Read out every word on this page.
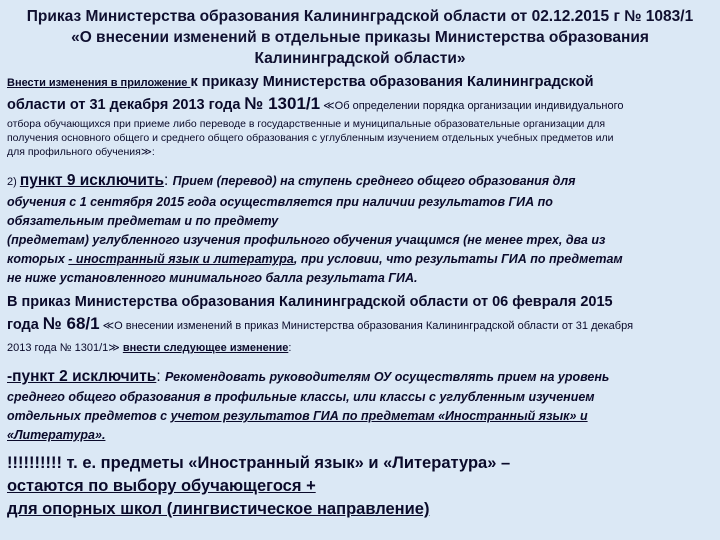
Приказ Министерства образования Калининградской области от 02.12.2015 г № 1083/1
«О внесении изменений в отдельные приказы Министерства образования
Калининградской области»
Внести изменения в приложение к приказу Министерства образования Калининградской
области от 31 декабря 2013 года № 1301/1 ≪Об определении порядка организации индивидуального
отбора обучающихся при приеме либо переводе в государственные и муниципальные образовательные организации для
получения основного общего и среднего общего образования с углубленным изучением отдельных учебных предметов или
для профильного обучения≫:
2) пункт 9 исключить: Прием (перевод) на ступень среднего общего образования для
обучения с 1 сентября 2015 года осуществляется при наличии результатов ГИА по
обязательным предметам и по предмету
(предметам) углубленного изучения профильного обучения учащимся (не менее трех, два из
которых - иностранный язык и литература, при условии, что результаты ГИА по предметам
не ниже установленного минимального балла результата ГИА.
В приказ Министерства образования Калининградской области от 06 февраля 2015
года № 68/1 ≪О внесении изменений в приказ Министерства образования Калининградской области от 31 декабря
2013 года № 1301/1≫ внести следующее изменение:
-пункт 2 исключить: Рекомендовать руководителям ОУ осуществлять прием на уровень
среднего общего образования в профильные классы, или классы с углубленным изучением
отдельных предметов с учетом результатов ГИА по предметам «Иностранный язык» и
«Литература».
!!!!!!!!!! т. е. предметы «Иностранный язык» и «Литература» –
остаются по выбору обучающегося +
для опорных школ (лингвистическое направление)
